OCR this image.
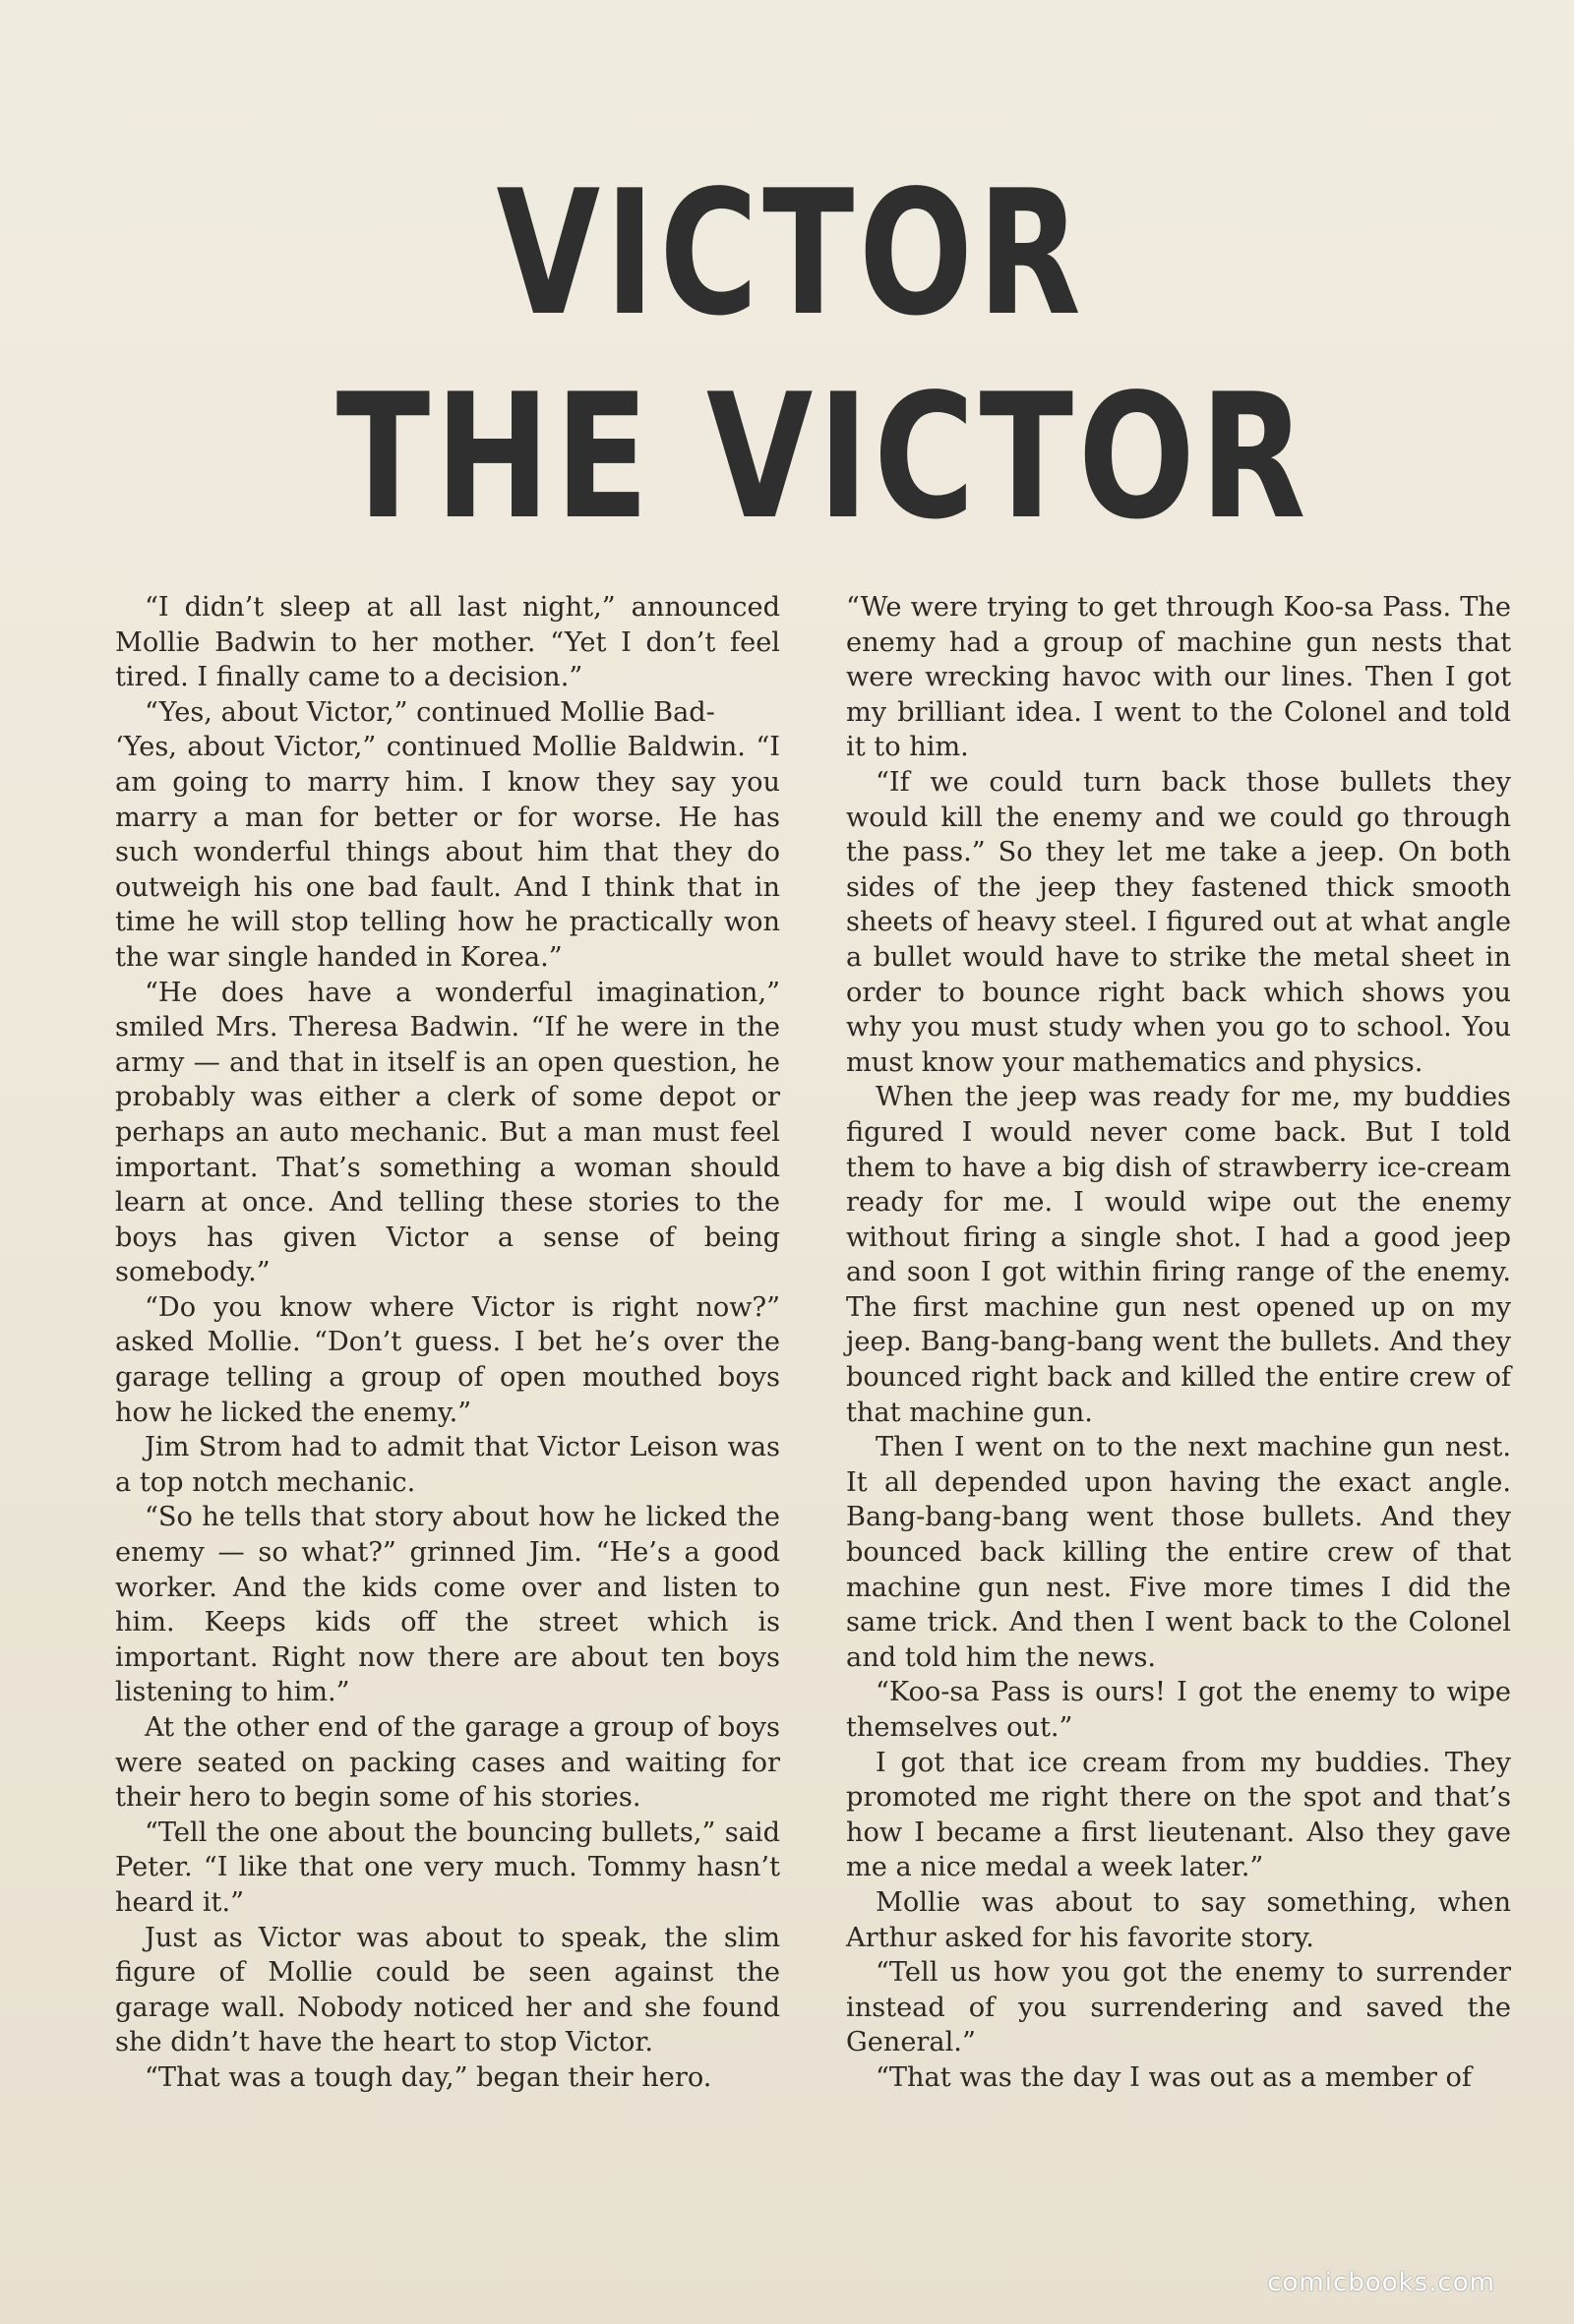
VICTOR
THE VICTOR

“I didn’t sleep at all last night,” announced Mollie Badwin to her mother. “Yet I don’t feel tired. I finally came to a decision.”

“Yes, about Victor,” continued Mollie Bad-

‘Yes, about Victor,” continued Mollie Baldwin. “I am going to marry him. I know they say you marry a man for better or for worse. He has such wonderful things about him that they do outweigh his one bad fault. And I think that in time he will stop telling how he practically won the war single handed in Korea.”

“He does have a wonderful imagination,” smiled Mrs. Theresa Badwin. “If he were in the army — and that in itself is an open question, he probably was either a clerk of some depot or perhaps an auto mechanic. But a man must feel important. That’s something a woman should learn at once. And telling these stories to the boys has given Victor a sense of being somebody.”

“Do you know where Victor is right now?” asked Mollie. “Don’t guess. I bet he’s over the garage telling a group of open mouthed boys how he licked the enemy.”

Jim Strom had to admit that Victor Leison was a top notch mechanic.

“So he tells that story about how he licked the enemy — so what?” grinned Jim. “He’s a good worker. And the kids come over and listen to him. Keeps kids off the street which is important. Right now there are about ten boys listening to him.”

At the other end of the garage a group of boys were seated on packing cases and waiting for their hero to begin some of his stories.

“Tell the one about the bouncing bullets,” said Peter. “I like that one very much. Tommy hasn’t heard it.”

Just as Victor was about to speak, the slim figure of Mollie could be seen against the garage wall. Nobody noticed her and she found she didn’t have the heart to stop Victor.

“That was a tough day,” began their hero.

“We were trying to get through Koo-sa Pass. The enemy had a group of machine gun nests that were wrecking havoc with our lines. Then I got my brilliant idea. I went to the Colonel and told it to him.

“If we could turn back those bullets they would kill the enemy and we could go through the pass.” So they let me take a jeep. On both sides of the jeep they fastened thick smooth sheets of heavy steel. I figured out at what angle a bullet would have to strike the metal sheet in order to bounce right back which shows you why you must study when you go to school. You must know your mathematics and physics.

When the jeep was ready for me, my buddies figured I would never come back. But I told them to have a big dish of strawberry ice-cream ready for me. I would wipe out the enemy without firing a single shot. I had a good jeep and soon I got within firing range of the enemy. The first machine gun nest opened up on my jeep. Bang-bang-bang went the bullets. And they bounced right back and killed the entire crew of that machine gun.

Then I went on to the next machine gun nest. It all depended upon having the exact angle. Bang-bang-bang went those bullets. And they bounced back killing the entire crew of that machine gun nest. Five more times I did the same trick. And then I went back to the Colonel and told him the news.

“Koo-sa Pass is ours! I got the enemy to wipe themselves out.”

I got that ice cream from my buddies. They promoted me right there on the spot and that’s how I became a first lieutenant. Also they gave me a nice medal a week later.”

Mollie was about to say something, when Arthur asked for his favorite story.

“Tell us how you got the enemy to surrender instead of you surrendering and saved the General.”

“That was the day I was out as a member of

comicbooks.com
